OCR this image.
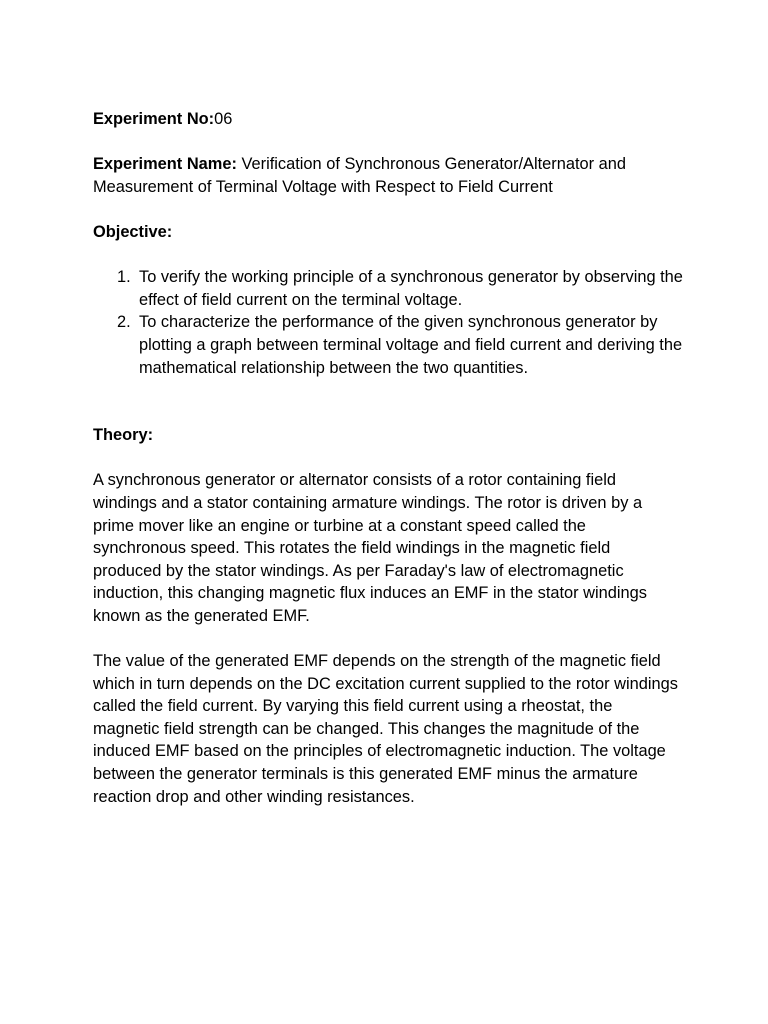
Experiment No:06

Experiment Name: Verification of Synchronous Generator/Alternator and Measurement of Terminal Voltage with Respect to Field Current

Objective:

1. To verify the working principle of a synchronous generator by observing the effect of field current on the terminal voltage.
2. To characterize the performance of the given synchronous generator by plotting a graph between terminal voltage and field current and deriving the mathematical relationship between the two quantities.

Theory:

A synchronous generator or alternator consists of a rotor containing field windings and a stator containing armature windings. The rotor is driven by a prime mover like an engine or turbine at a constant speed called the synchronous speed. This rotates the field windings in the magnetic field produced by the stator windings. As per Faraday's law of electromagnetic induction, this changing magnetic flux induces an EMF in the stator windings known as the generated EMF.

The value of the generated EMF depends on the strength of the magnetic field which in turn depends on the DC excitation current supplied to the rotor windings called the field current. By varying this field current using a rheostat, the magnetic field strength can be changed. This changes the magnitude of the induced EMF based on the principles of electromagnetic induction. The voltage between the generator terminals is this generated EMF minus the armature reaction drop and other winding resistances.
